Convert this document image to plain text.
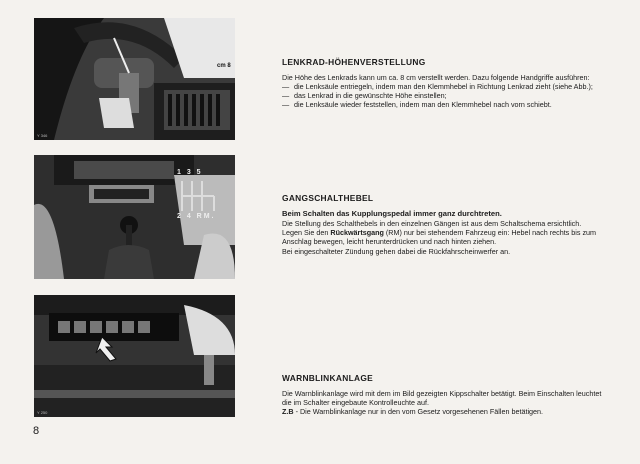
Y 346
cm 8
1 3 5
2 4 RM.
Y 250
LENKRAD-HÖHENVERSTELLUNG

Die Höhe des Lenkrads kann um ca. 8 cm verstellt werden. Dazu folgende Handgriffe ausführen:

— die Lenksäule entriegeln, indem man den Klemmhebel in Richtung Lenkrad zieht (siehe Abb.);
— das Lenkrad in die gewünschte Höhe einstellen;
— die Lenksäule wieder feststellen, indem man den Klemmhebel nach vorn schiebt.
GANGSCHALTHEBEL

Beim Schalten das Kupplungspedal immer ganz durchtreten.

Die Stellung des Schalthebels in den einzelnen Gängen ist aus dem Schaltschema ersichtlich.

Legen Sie den Rückwärtsgang (RM) nur bei stehendem Fahrzeug ein: Hebel nach rechts bis zum Anschlag bewegen, leicht herunterdrücken und nach hinten ziehen.

Bei eingeschalteter Zündung gehen dabei die Rückfahrscheinwerfer an.

WARNBLINKANLAGE

Die Warnblinkanlage wird mit dem im Bild gezeigten Kippschalter betätigt. Beim Einschalten leuchtet die im Schalter eingebaute Kontrolleuchte auf.

Z.B - Die Warnblinkanlage nur in den vom Gesetz vorgesehenen Fällen betätigen.

8
